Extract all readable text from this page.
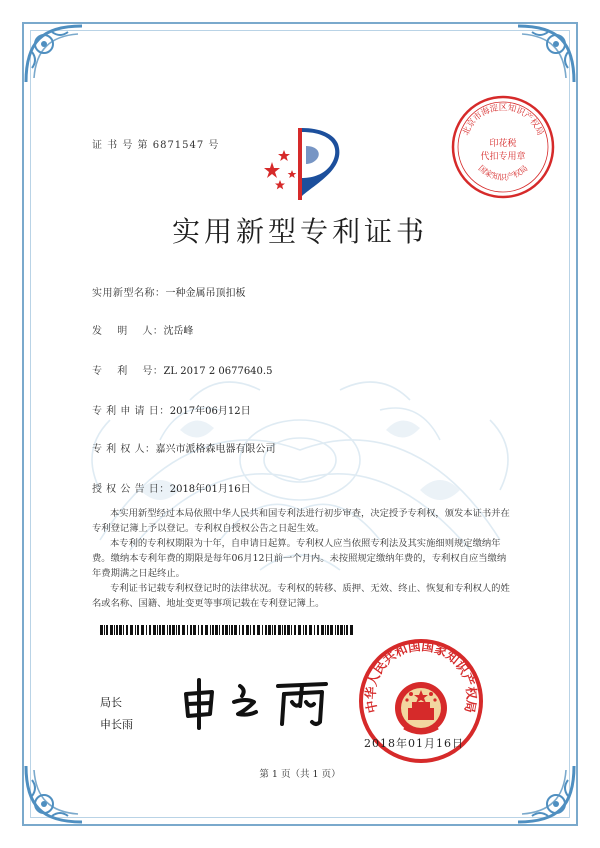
证 书 号 第 6871547 号
实用新型专利证书
北京市海淀区知识产权局
印花税
代扣专用章
国家知识产权局
实用新型名称：一种金属吊顶扣板
发    明    人：沈岳峰
专    利    号：ZL 2017 2 0677640.5
专 利 申 请 日：2017年06月12日
专 利 权 人：嘉兴市派格森电器有限公司
授 权 公 告 日：2018年01月16日

本实用新型经过本局依照中华人民共和国专利法进行初步审查，决定授予专利权，颁发本证书并在专利登记簿上予以登记。专利权自授权公告之日起生效。

本专利的专利权期限为十年，自申请日起算。专利权人应当依照专利法及其实施细则规定缴纳年费。缴纳本专利年费的期限是每年06月12日前一个月内。未按照规定缴纳年费的，专利权自应当缴纳年费期满之日起终止。

专利证书记载专利权登记时的法律状况。专利权的转移、质押、无效、终止、恢复和专利权人的姓名或名称、国籍、地址变更等事项记载在专利登记簿上。

局长
申长雨
中华人民共和国国家知识产权局
2018年01月16日
第 1 页（共 1 页）
